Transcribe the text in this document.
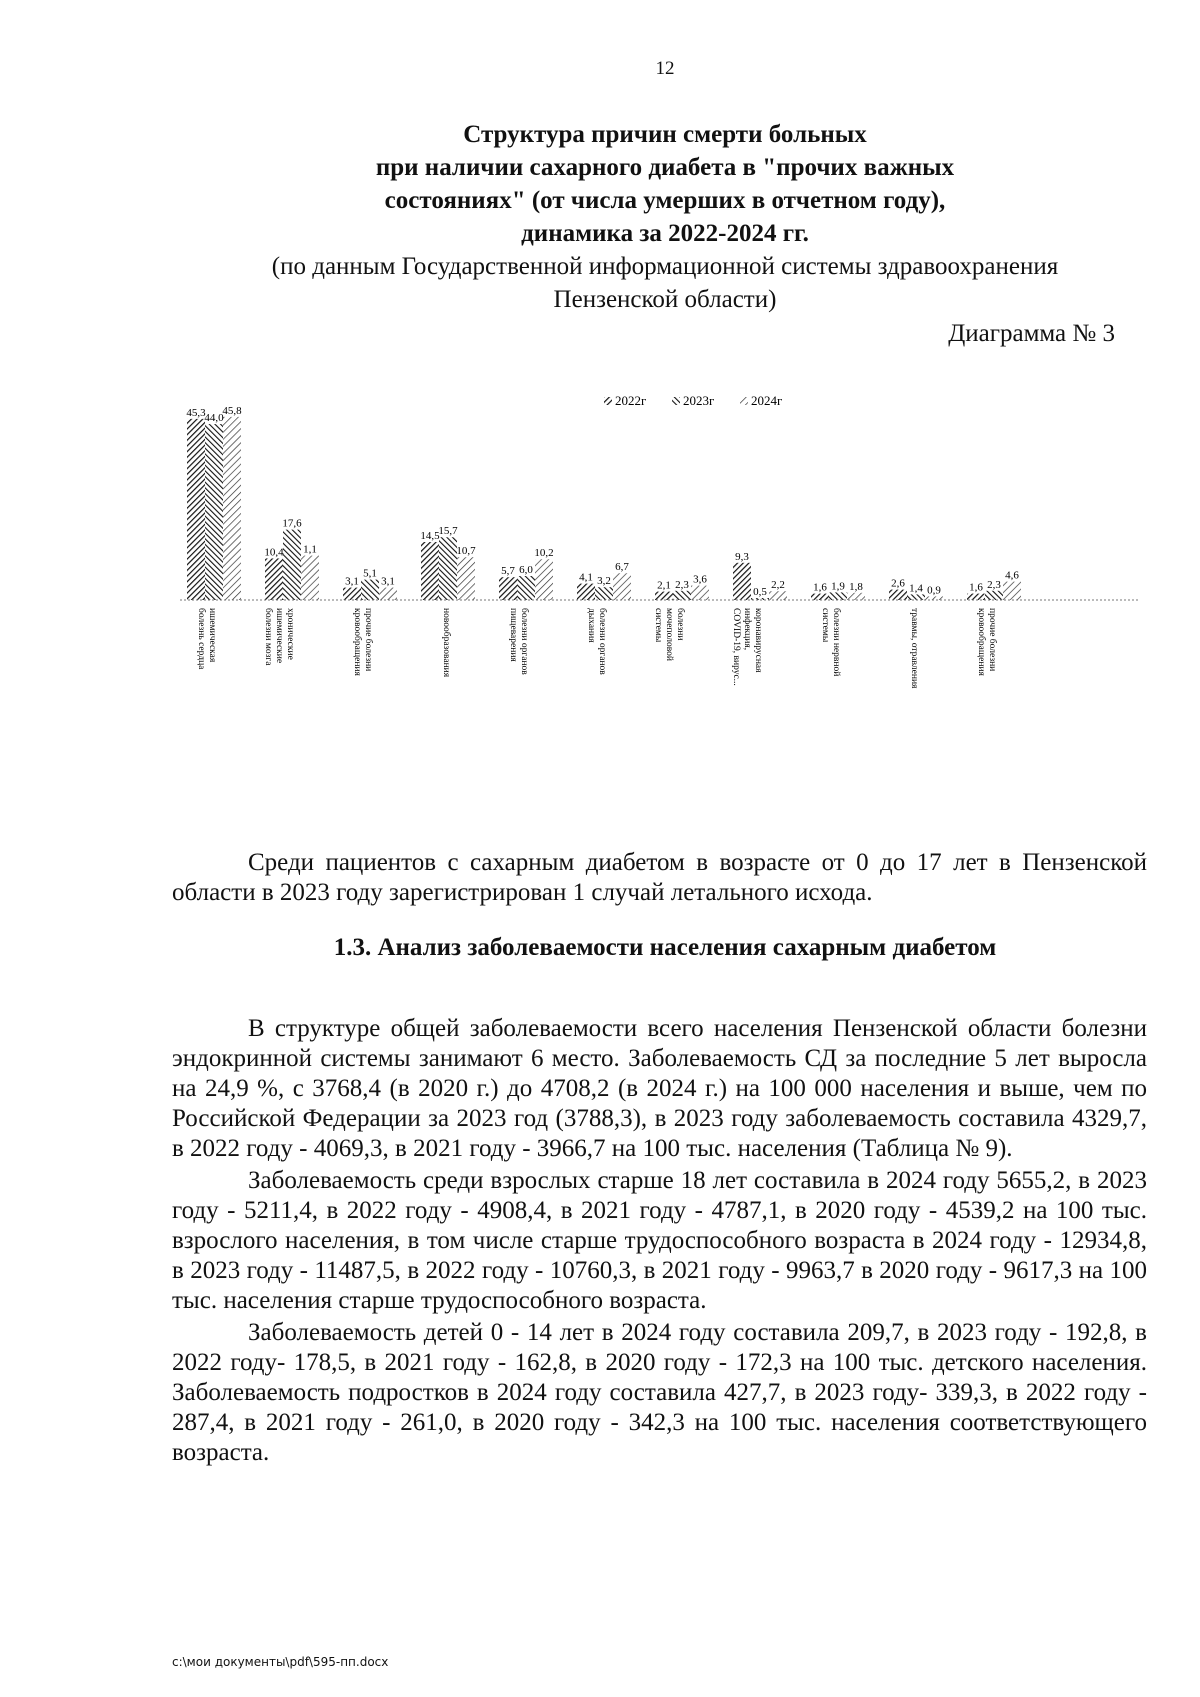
12
Структура причин смерти больных
при наличии сахарного диабета в "прочих важных
состояниях" (от числа умерших в отчетном году),
динамика за 2022-2024 гг.
(по данным Государственной информационной системы здравоохранения
Пензенской области)
Диаграмма № 3
45,3
44,0
45,8
10,4
17,6
1,1
3,1
5,1
3,1
14,5
15,7
10,7
5,7 6,0
10,2
4,1 3,2
6,7
2,1 2,3 3,6
9,3
0,5
2,2	1,6 1,9 1,8	2,6 1,4 0,9	1,6 2,3
4,6
ишемическаяболезнь сердца	хроническиеишемическиеболезни мозга	прочие болезникровообращения	новообразования	болезни органовпищеварения	болезни органовдыхания	болезнимочеполовойсистемы	коронавируснаяинфекция,COVID-19, вирус...	болезни нервнойсистемы	травмы, отравления	прочие болезникровообращения
2022г	2023г	2024г

Среди пациентов с сахарным диабетом в возрасте от 0 до 17 лет в Пензенской области в 2023 году зарегистрирован 1 случай летального исхода.

1.3. Анализ заболеваемости населения сахарным диабетом

В структуре общей заболеваемости всего населения Пензенской области болезни эндокринной системы занимают 6 место. Заболеваемость СД за последние 5 лет выросла на 24,9 %, с 3768,4 (в 2020 г.) до 4708,2 (в 2024 г.) на 100 000 населения и выше, чем по Российской Федерации за 2023 год (3788,3), в 2023 году заболеваемость составила 4329,7, в 2022 году - 4069,3, в 2021 году - 3966,7 на 100 тыс. населения (Таблица № 9).

Заболеваемость среди взрослых старше 18 лет составила в 2024 году 5655,2, в 2023 году - 5211,4, в 2022 году - 4908,4, в 2021 году - 4787,1, в 2020 году - 4539,2 на 100 тыс. взрослого населения, в том числе старше трудоспособного возраста в 2024 году - 12934,8, в 2023 году - 11487,5, в 2022 году - 10760,3, в 2021 году - 9963,7 в 2020 году - 9617,3 на 100 тыс. населения старше трудоспособного возраста.

Заболеваемость детей 0 - 14 лет в 2024 году составила 209,7, в 2023 году - 192,8, в 2022 году- 178,5, в 2021 году - 162,8, в 2020 году - 172,3 на 100 тыс. детского населения. Заболеваемость подростков в 2024 году составила 427,7, в 2023 году- 339,3, в 2022 году - 287,4, в 2021 году - 261,0, в 2020 году - 342,3 на 100 тыс. населения соответствующего возраста.

c:\мои документы\pdf\595-пп.docx
